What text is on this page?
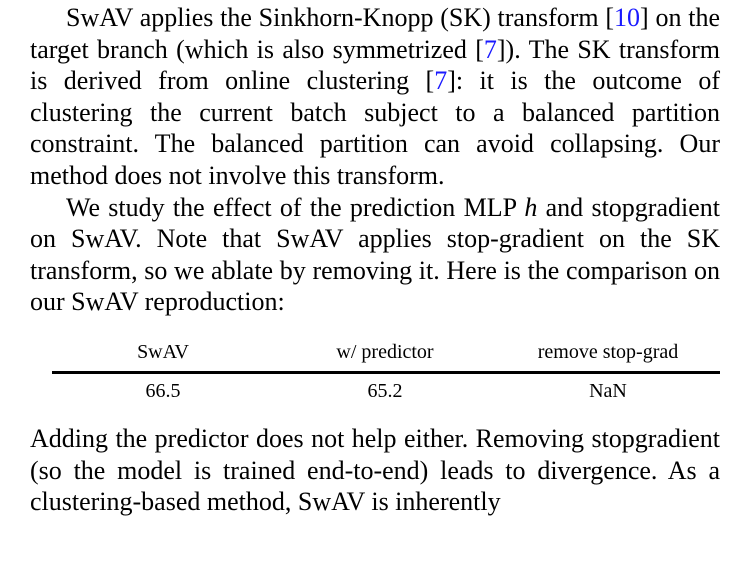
SwAV applies the Sinkhorn-Knopp (SK) transform [10] on the target branch (which is also symmetrized [7]). The SK transform is derived from online clustering [7]: it is the outcome of clustering the current batch subject to a balanced partition constraint. The balanced partition can avoid collapsing. Our method does not involve this transform.

We study the effect of the prediction MLP h and stopgradient on SwAV. Note that SwAV applies stop-gradient on the SK transform, so we ablate by removing it. Here is the comparison on our SwAV reproduction:

SwAV	w/ predictor	remove stop-grad
66.5	65.2	NaN

Adding the predictor does not help either. Removing stopgradient (so the model is trained end-to-end) leads to divergence. As a clustering-based method, SwAV is inherently
